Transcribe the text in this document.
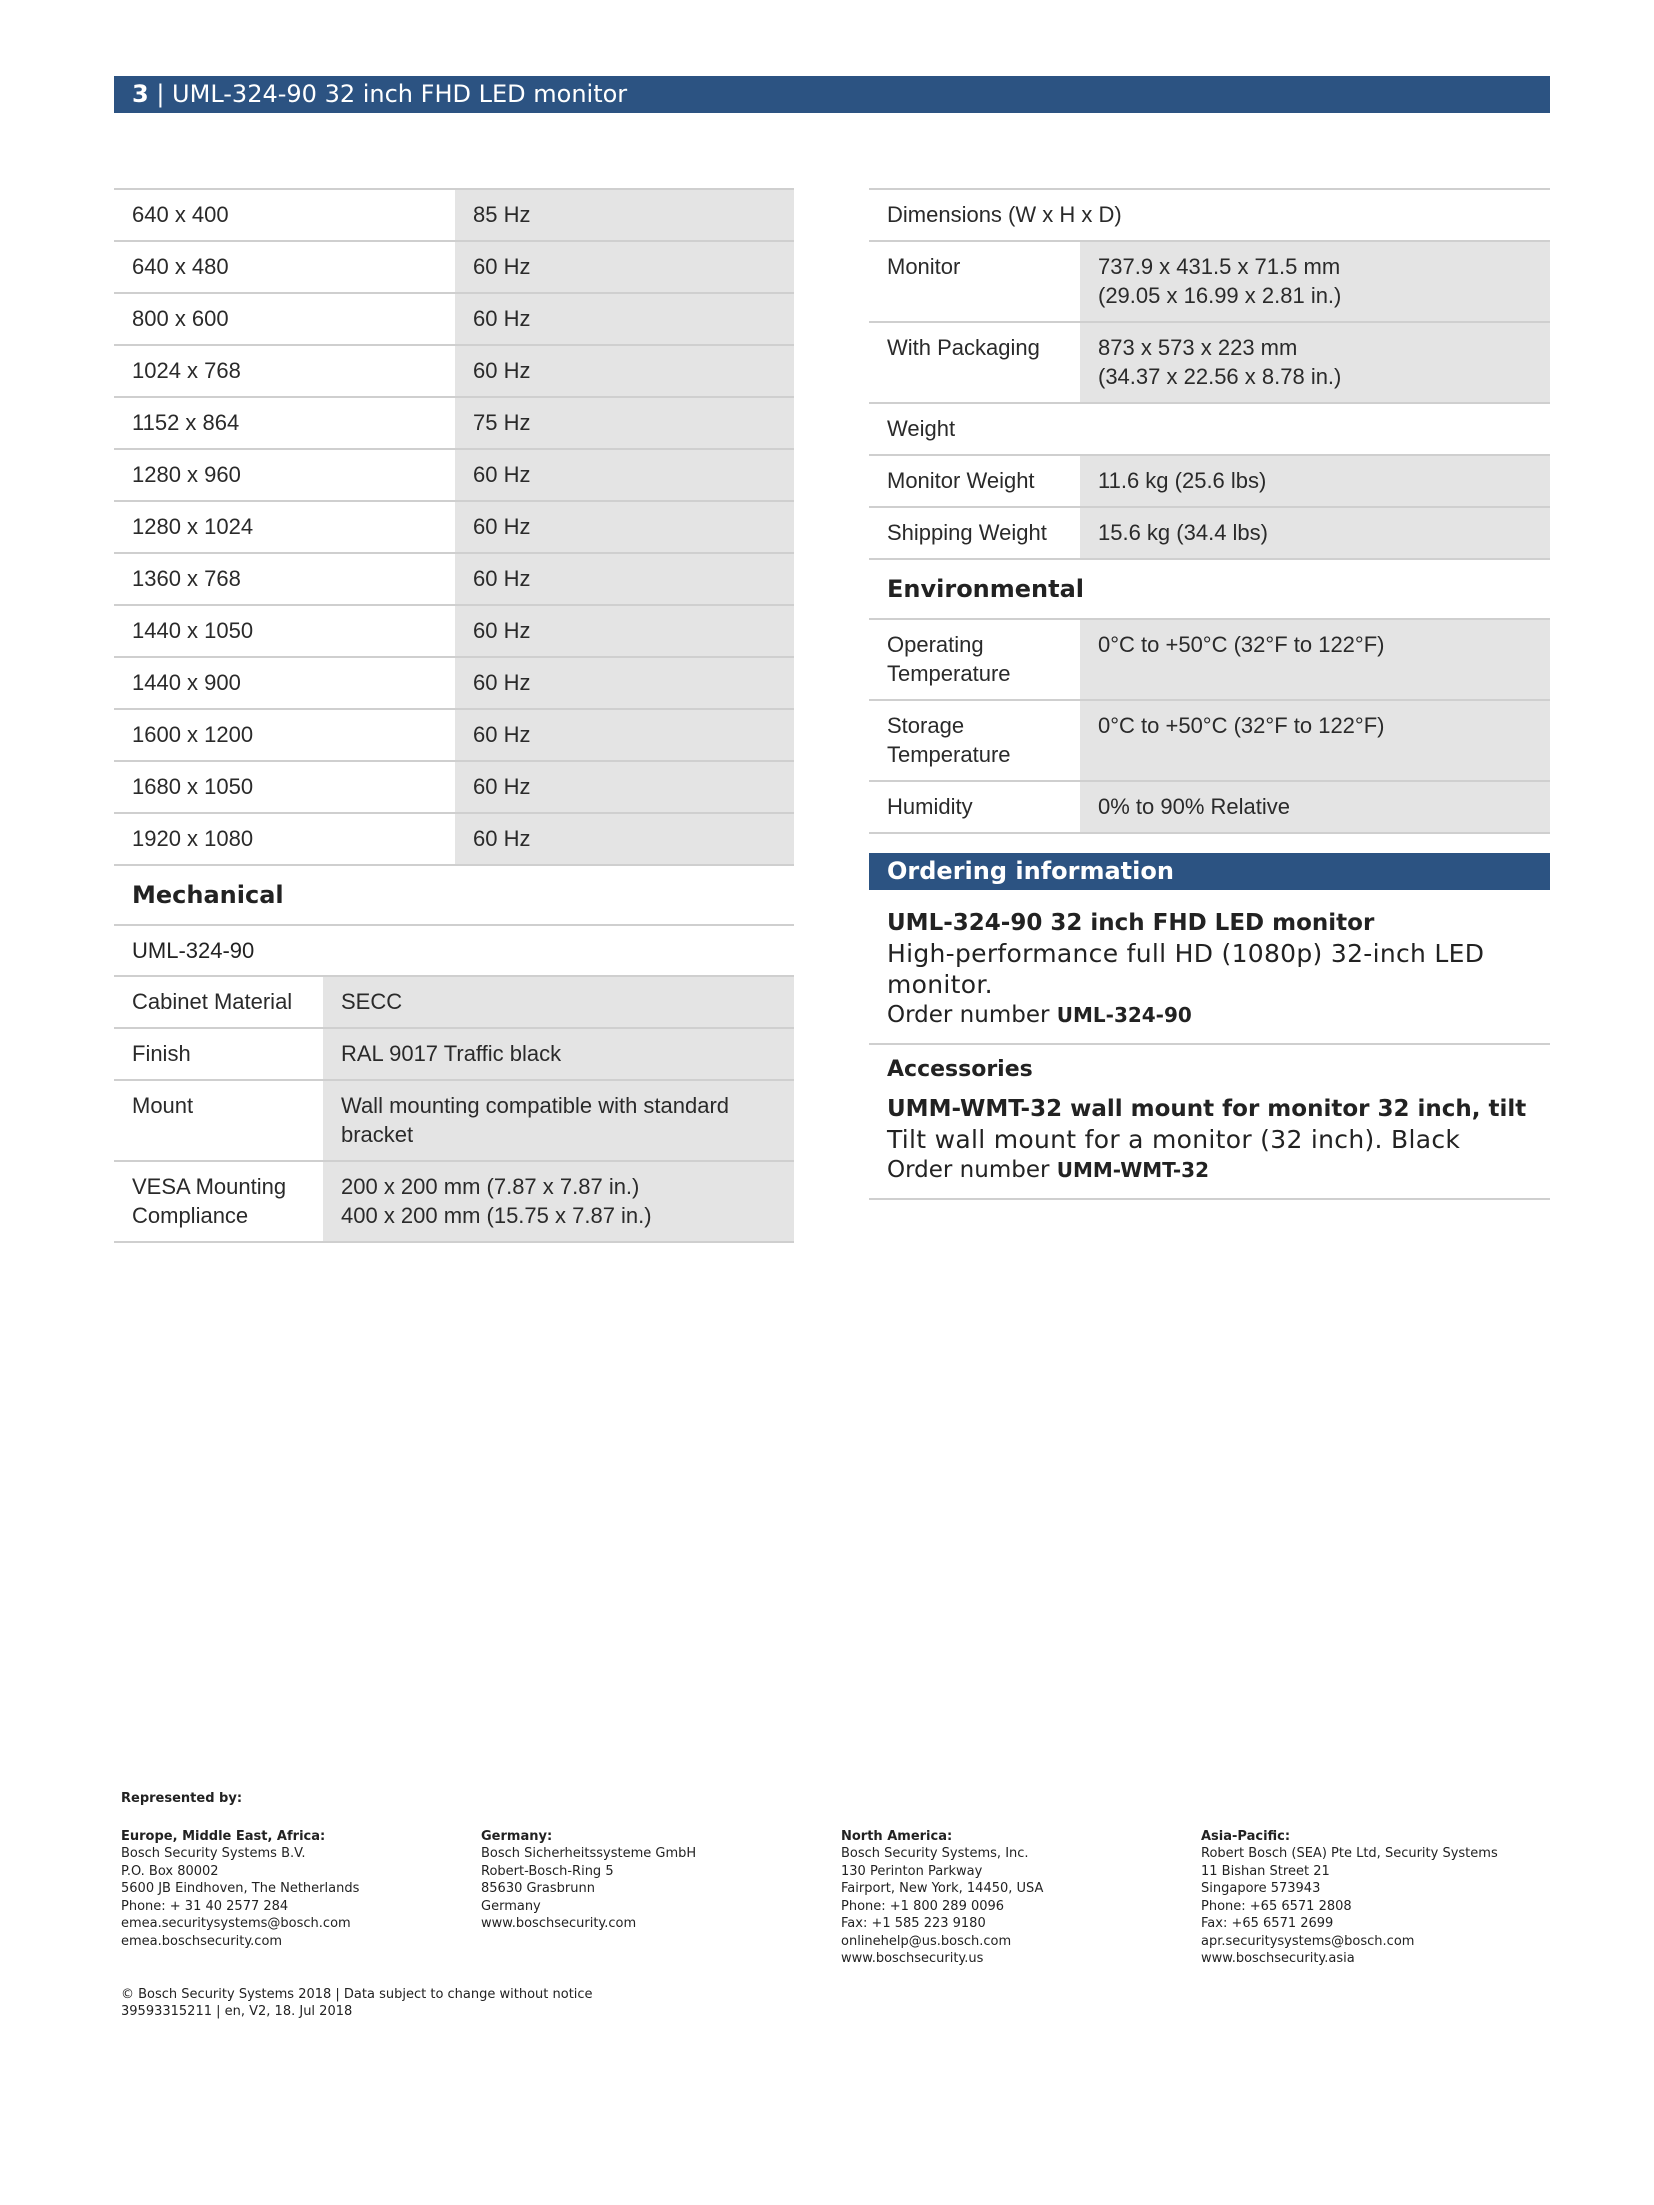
3 | UML-324-90 32 inch FHD LED monitor
640 x 400	85 Hz
640 x 480	60 Hz
800 x 600	60 Hz
1024 x 768	60 Hz
1152 x 864	75 Hz
1280 x 960	60 Hz
1280 x 1024	60 Hz
1360 x 768	60 Hz
1440 x 1050	60 Hz
1440 x 900	60 Hz
1600 x 1200	60 Hz
1680 x 1050	60 Hz
1920 x 1080	60 Hz
Mechanical
UML-324-90
Cabinet Material	SECC
Finish	RAL 9017 Traffic black
Mount	Wall mounting compatible with standard bracket
VESA Mounting Compliance	200 x 200 mm (7.87 x 7.87 in.)
400 x 200 mm (15.75 x 7.87 in.)
Dimensions (W x H x D)	
Monitor	737.9 x 431.5 x 71.5 mm
(29.05 x 16.99 x 2.81 in.)

With Packaging	873 x 573 x 223 mm
(34.37 x 22.56 x 8.78 in.)

Weight	
Monitor Weight	11.6 kg (25.6 lbs)
Shipping Weight	15.6 kg (34.4 lbs)
Environmental
Operating
Temperature	0°C to +50°C (32°F to 122°F)

Storage
Temperature	0°C to +50°C (32°F to 122°F)
Humidity	0% to 90% Relative
Ordering information
UML-324-90 32 inch FHD LED monitor
High-performance full HD (1080p) 32-inch LED
monitor.
Order number UML-324-90
Accessories
UMM-WMT-32 wall mount for monitor 32 inch, tilt
Tilt wall mount for a monitor (32 inch). Black
Order number UMM-WMT-32
Represented by:
Europe, Middle East, Africa:
Bosch Security Systems B.V.
P.O. Box 80002
5600 JB Eindhoven, The Netherlands
Phone: + 31 40 2577 284
emea.securitysystems@bosch.com
emea.boschsecurity.com
Germany:
Bosch Sicherheitssysteme GmbH
Robert-Bosch-Ring 5
85630 Grasbrunn
Germany
www.boschsecurity.com
North America:
Bosch Security Systems, Inc.
130 Perinton Parkway
Fairport, New York, 14450, USA
Phone: +1 800 289 0096
Fax: +1 585 223 9180
onlinehelp@us.bosch.com
www.boschsecurity.us
Asia-Pacific:
Robert Bosch (SEA) Pte Ltd, Security Systems
11 Bishan Street 21
Singapore 573943
Phone: +65 6571 2808
Fax: +65 6571 2699
apr.securitysystems@bosch.com
www.boschsecurity.asia
© Bosch Security Systems 2018 | Data subject to change without notice
39593315211 | en, V2, 18. Jul 2018
